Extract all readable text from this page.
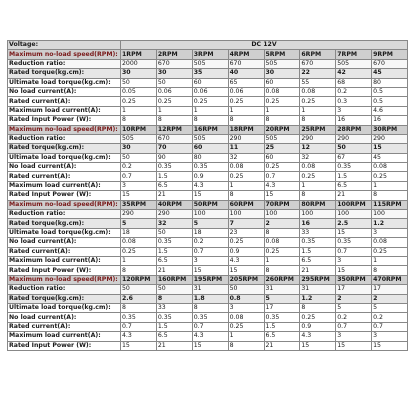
Voltage:	DC 12V							
Maximum no-load speed(RPM):	1RPM	2RPM	3RPM	4RPM	5RPM	6RPM	7RPM	9RPM
Reduction ratio:	2000	670	505	670	505	670	505	670
Rated torque(kg.cm):	30	30	35	40	30	22	42	45
Ultimate load torque(kg.cm):	50	50	60	65	60	55	68	80
No load current(A):	0.05	0.06	0.06	0.06	0.08	0.08	0.2	0.5
Rated current(A):	0.25	0.25	0.25	0.25	0.25	0.25	0.3	0.5
Maximum load current(A):	1	1	1	1	1	1	3	4.6
Rated Input Power (W):	8	8	8	8	8	8	16	16
Maximum no-load speed(RPM):	10RPM	12RPM	16RPM	18RPM	20RPM	25RPM	28RPM	30RPM
Reduction ratio:	505	670	505	290	505	290	290	290
Rated torque(kg.cm):	30	70	60	11	25	12	50	15
Ultimate load torque(kg.cm):	50	90	80	32	60	32	67	45
No load current(A):	0.2	0.35	0.35	0.08	0.25	0.08	0.35	0.08
Rated current(A):	0.7	1.5	0.9	0.25	0.7	0.25	1.5	0.25
Maximum load current(A):	3	6.5	4.3	1	4.3	1	6.5	1
Rated Input Power (W):	15	21	15	8	15	8	21	8
Maximum no-load speed(RPM):	35RPM	40RPM	50RPM	60RPM	70RPM	80RPM	100RPM	115RPM
Reduction ratio:	290	290	100	100	100	100	100	100
Rated torque(kg.cm):	5	32	5	7	2	16	2.5	1.2
Ultimate load torque(kg.cm):	18	50	18	23	8	33	15	3
No load current(A):	0.08	0.35	0.2	0.25	0.08	0.35	0.35	0.08
Rated current(A):	0.25	1.5	0.7	0.9	0.25	1.5	0.7	0.25
Maximum load current(A):	1	6.5	3	4.3	1	6.5	3	1
Rated Input Power (W):	8	21	15	15	8	21	15	8
Maximum no-load speed(RPM):	120RPM	160RPM	195RPM	205RPM	260RPM	295RPM	350RPM	470RPM
Reduction ratio:	50	50	31	50	31	31	17	17
Rated torque(kg.cm):	2.6	8	1.8	0.8	5	1.2	2	2
Ultimate load torque(kg.cm):	8	33	8	3	17	8	5	5
No load current(A):	0.35	0.35	0.35	0.08	0.35	0.25	0.2	0.2
Rated current(A):	0.7	1.5	0.7	0.25	1.5	0.9	0.7	0.7
Maximum load current(A):	4.3	6.5	4.3	1	6.5	4.3	3	3
Rated Input Power (W):	15	21	15	8	21	15	15	15
